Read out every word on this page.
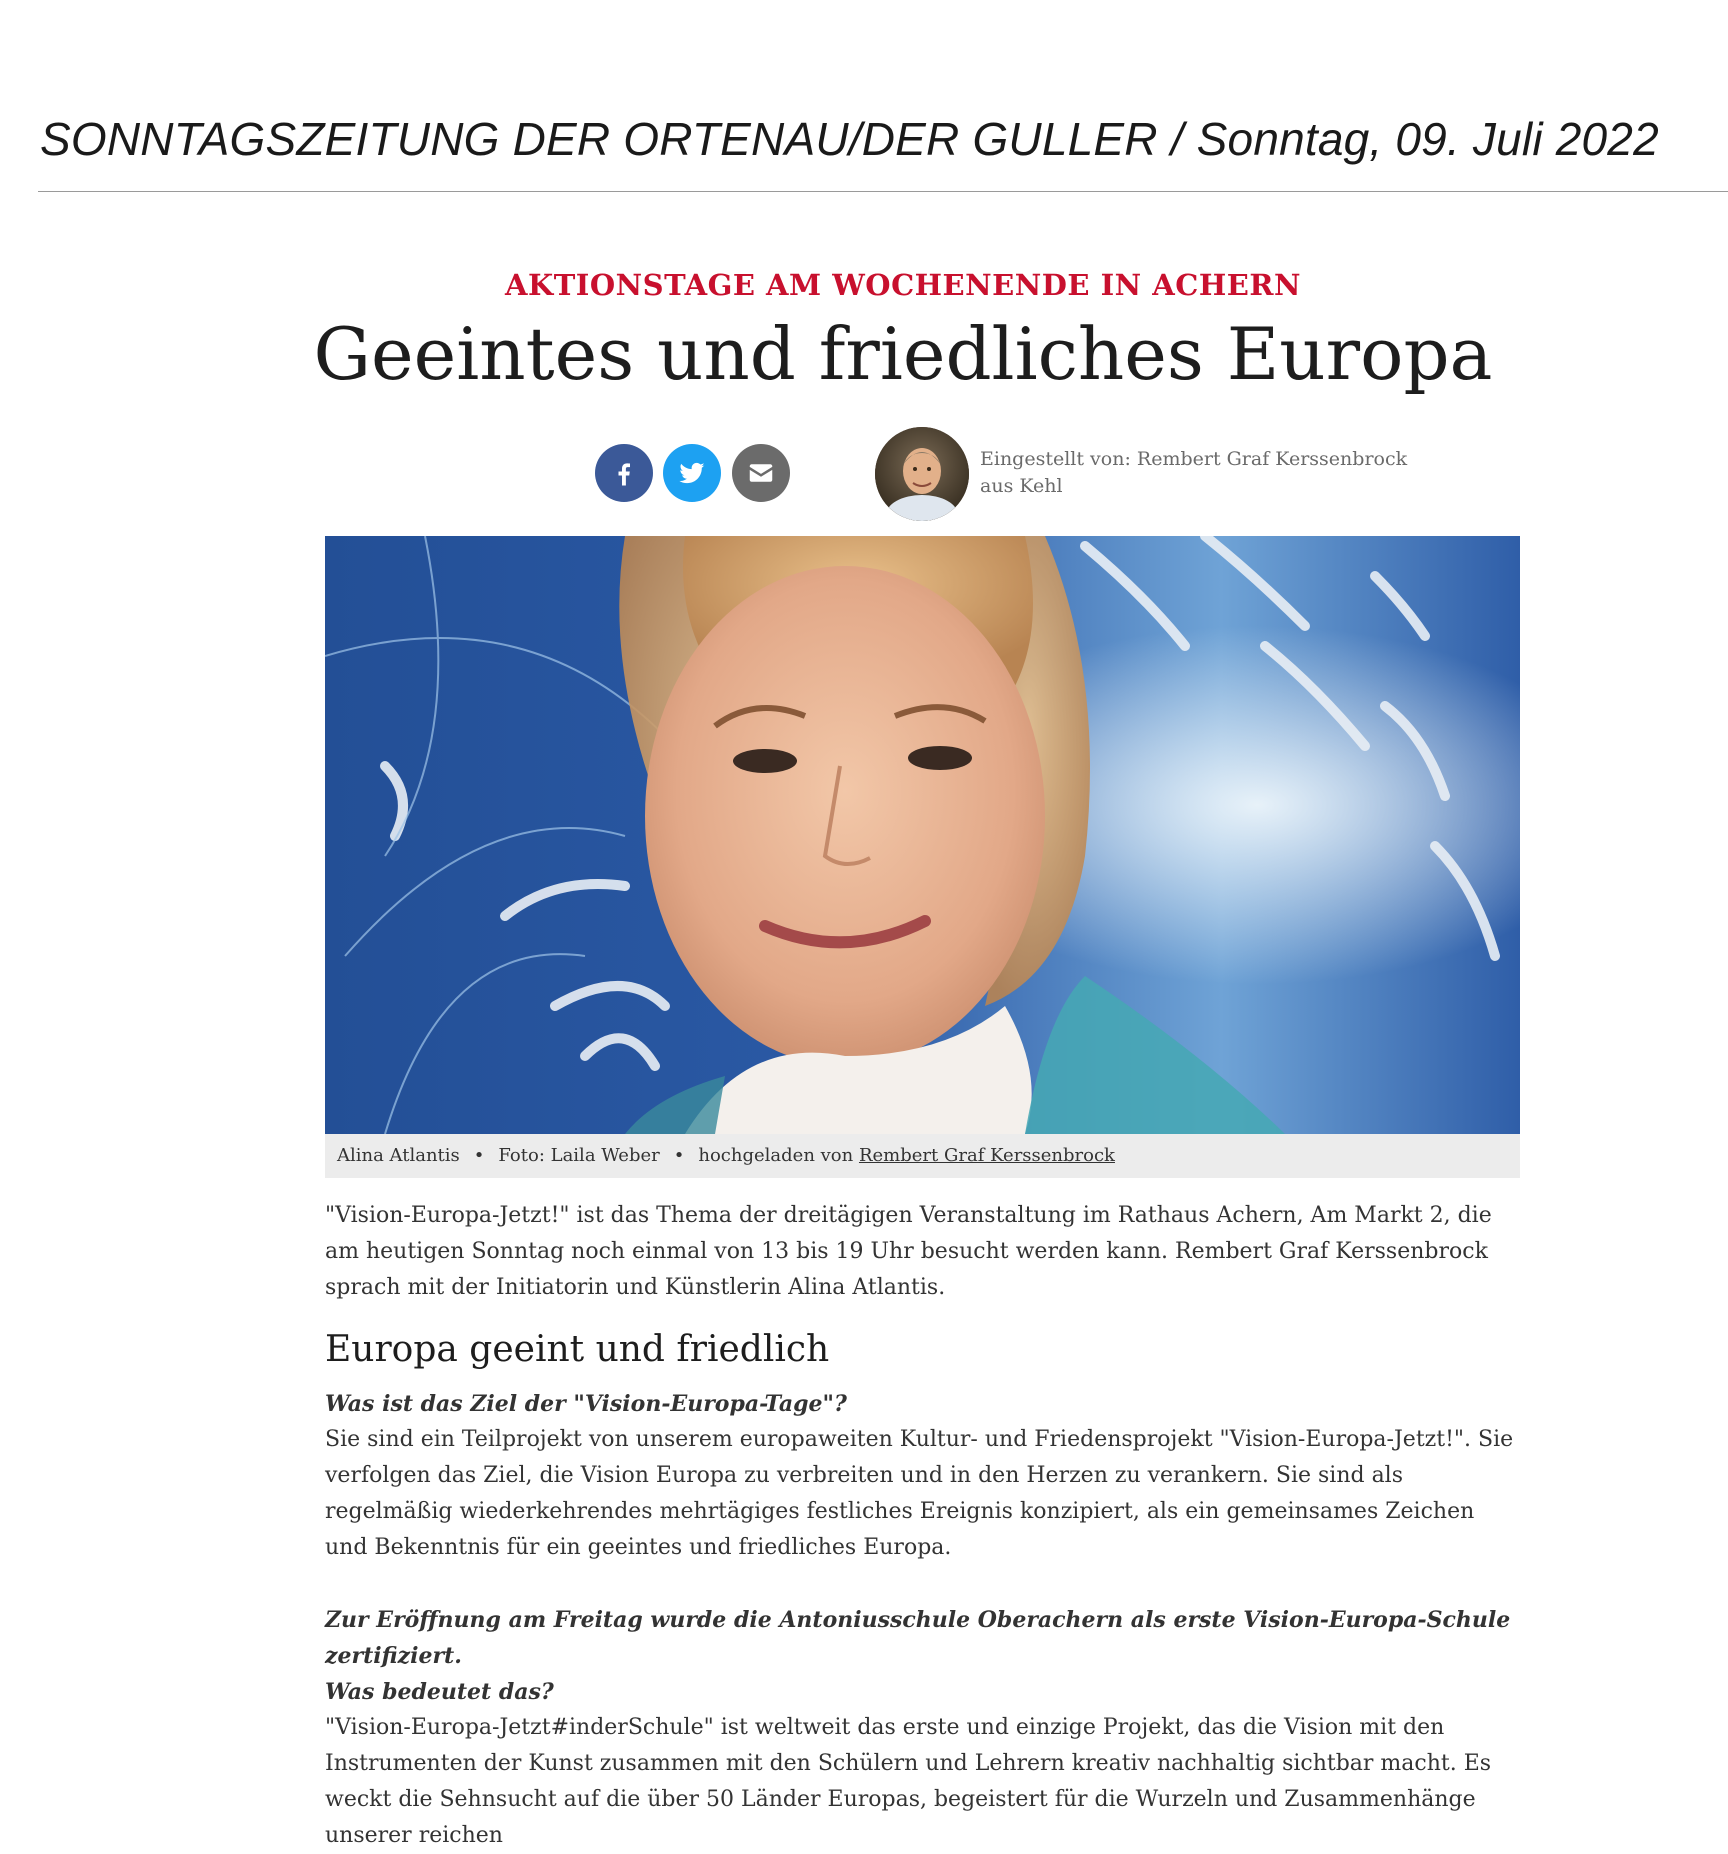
SONNTAGSZEITUNG DER ORTENAU/DER GULLER / Sonntag, 09. Juli 2022
AKTIONSTAGE AM WOCHENENDE IN ACHERN
Geeintes und friedliches Europa
Eingestellt von: Rembert Graf Kerssenbrock
aus Kehl
Alina Atlantis • Foto: Laila Weber • hochgeladen von Rembert Graf Kerssenbrock

"Vision-Europa-Jetzt!" ist das Thema der dreitägigen Veranstaltung im Rathaus Achern, Am Markt 2, die am heutigen Sonntag noch einmal von 13 bis 19 Uhr besucht werden kann. Rembert Graf Kerssenbrock sprach mit der Initiatorin und Künstlerin Alina Atlantis.

Europa geeint und friedlich

Was ist das Ziel der "Vision-Europa-Tage"?

Sie sind ein Teilprojekt von unserem europaweiten Kultur- und Friedensprojekt "Vision-Europa-Jetzt!". Sie verfolgen das Ziel, die Vision Europa zu verbreiten und in den Herzen zu verankern. Sie sind als regelmäßig wiederkehrendes mehrtägiges festliches Ereignis konzipiert, als ein gemeinsames Zeichen und Bekenntnis für ein geeintes und friedliches Europa.

Zur Eröffnung am Freitag wurde die Antoniusschule Oberachern als erste Vision-Europa-Schule zertifiziert.

Was bedeutet das?

"Vision-Europa-Jetzt#inderSchule" ist weltweit das erste und einzige Projekt, das die Vision mit den Instrumenten der Kunst zusammen mit den Schülern und Lehrern kreativ nachhaltig sichtbar macht. Es weckt die Sehnsucht auf die über 50 Länder Europas, begeistert für die Wurzeln und Zusammenhänge unserer reichen
